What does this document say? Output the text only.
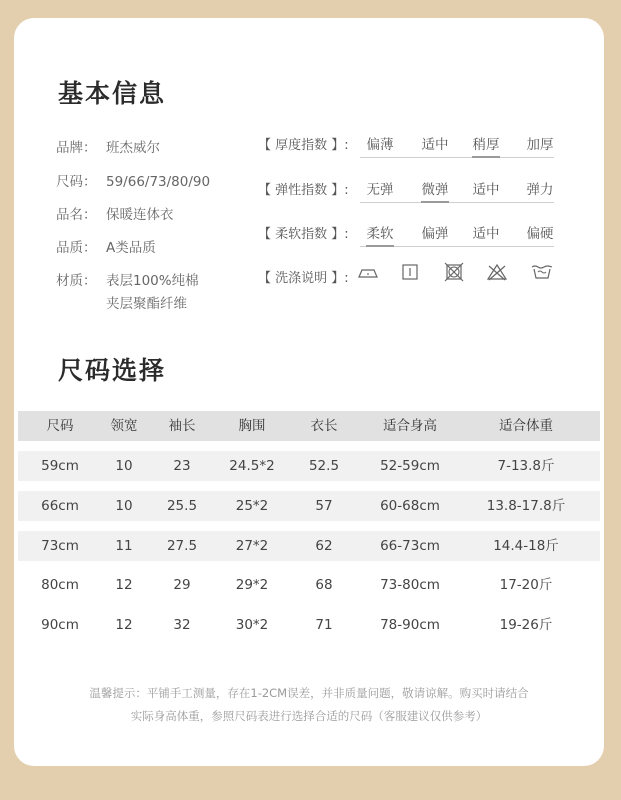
基本信息
品牌： 班杰威尔
尺码： 59/66/73/80/90
品名： 保暖连体衣
品质： A类品质
材质： 表层100%纯棉
夹层聚酯纤维
【 厚度指数 】:	偏薄	适中	稍厚	加厚
【 弹性指数 】:	无弹	微弹	适中	弹力
【 柔软指数 】:	柔软	偏弹	适中	偏硬
【 洗涤说明 】:
尺码选择
尺码	领宽	袖长	胸围	衣长	适合身高	适合体重
59cm	10	23	24.5*2	52.5	52-59cm	7-13.8斤
66cm	10	25.5	25*2	57	60-68cm	13.8-17.8斤
73cm	11	27.5	27*2	62	66-73cm	14.4-18斤
80cm	12	29	29*2	68	73-80cm	17-20斤
90cm	12	32	30*2	71	78-90cm	19-26斤
温馨提示：平铺手工测量，存在1-2CM误差，并非质量问题，敬请谅解。购买时请结合
实际身高体重，参照尺码表进行选择合适的尺码（客服建议仅供参考）
